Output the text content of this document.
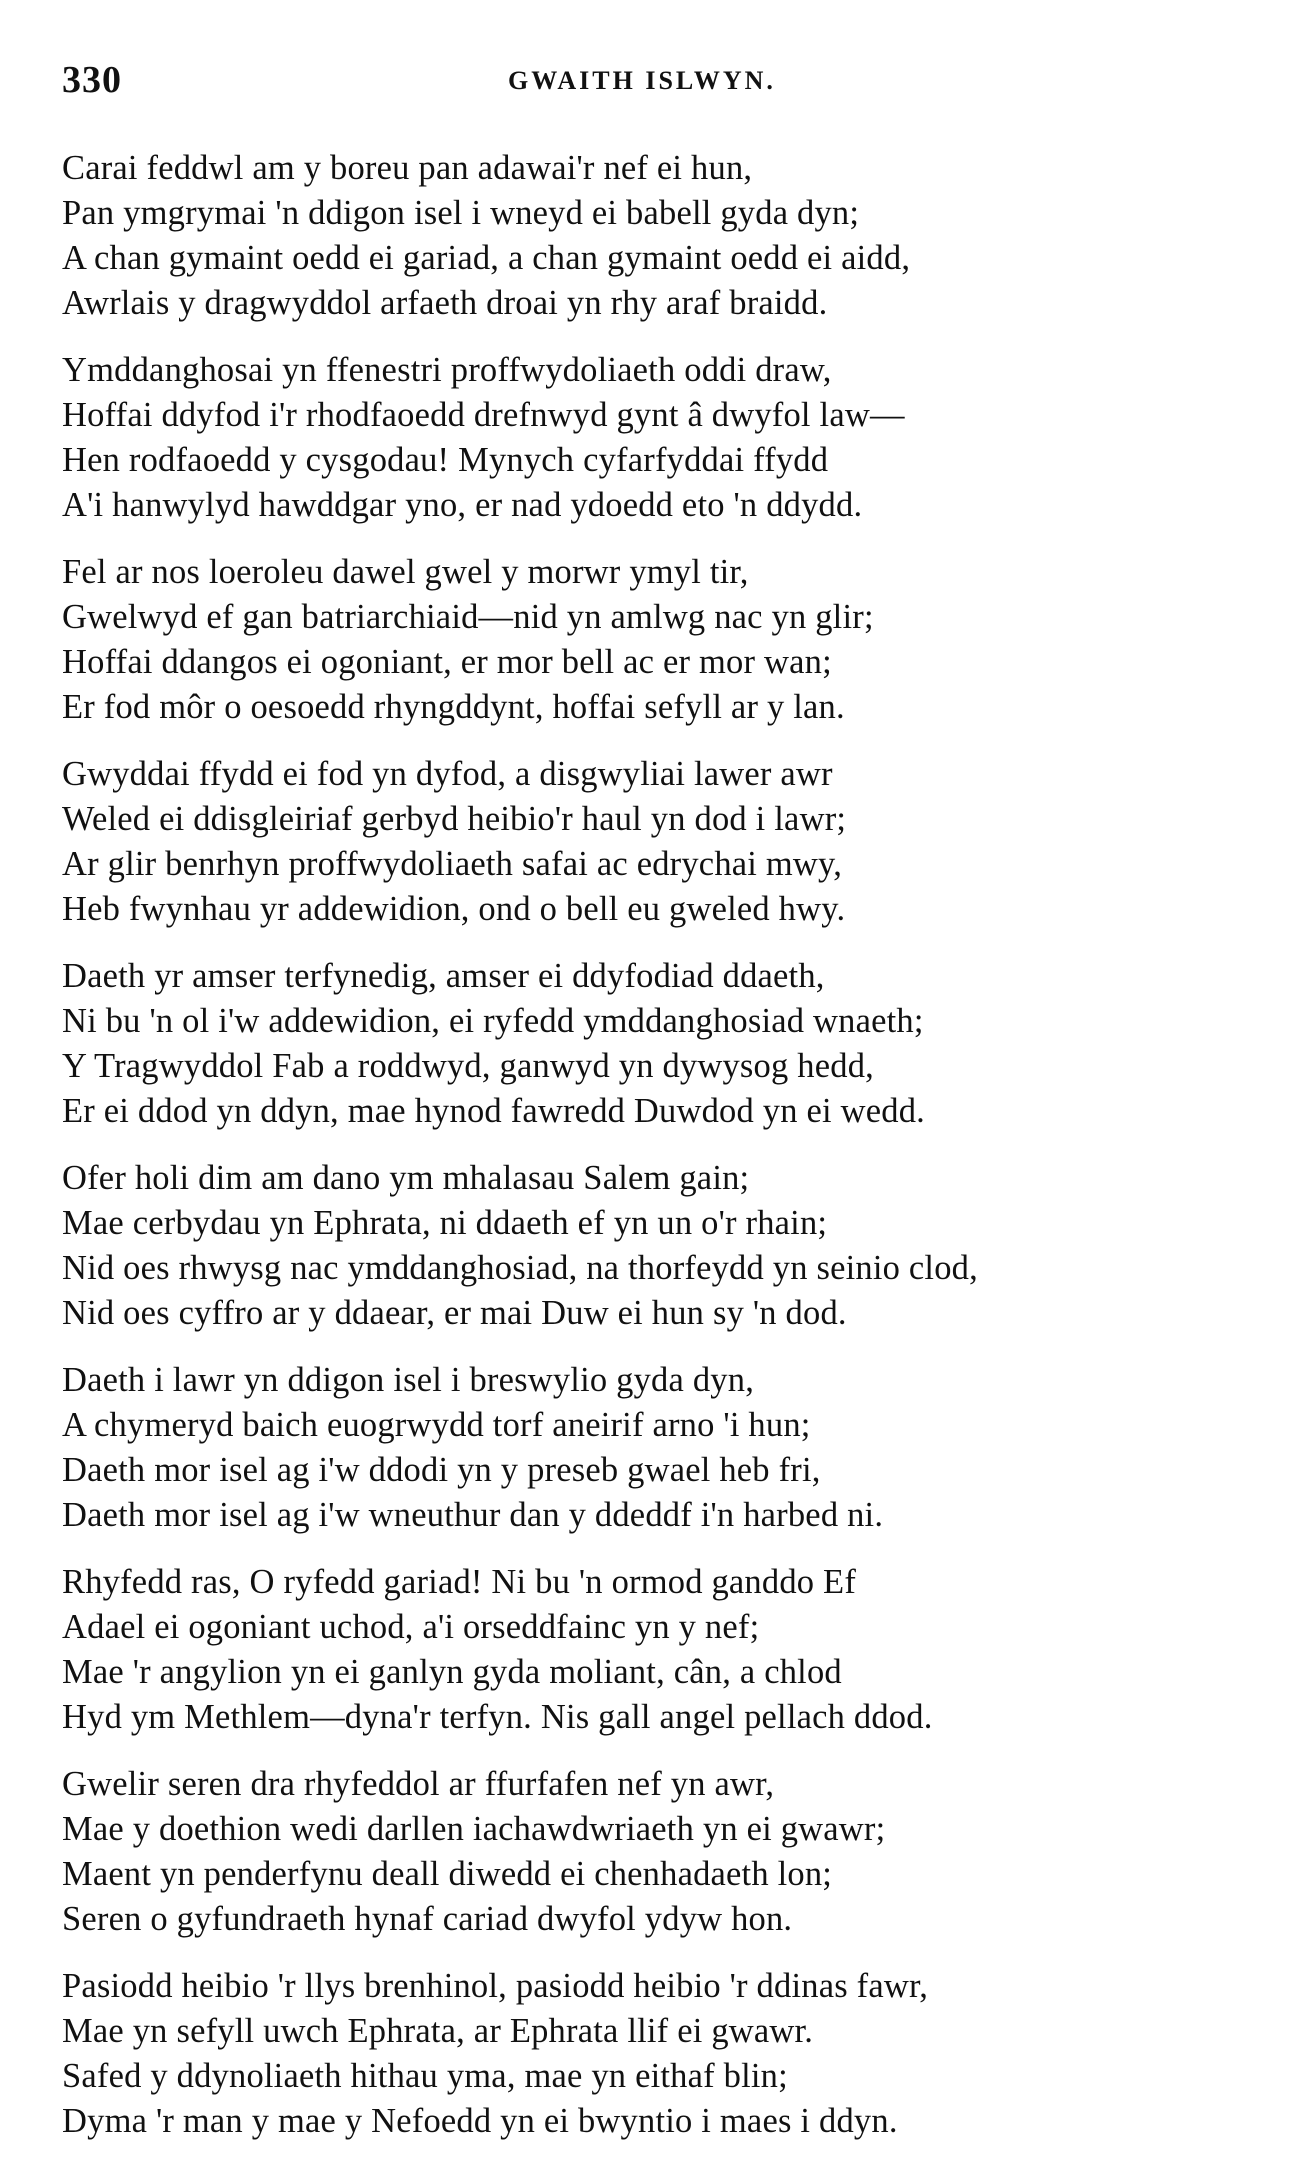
330	GWAITH ISLWYN.
Carai feddwl am y boreu pan adawai'r nef ei hun,
Pan ymgrymai 'n ddigon isel i wneyd ei babell gyda dyn;
A chan gymaint oedd ei gariad, a chan gymaint oedd ei aidd,
Awrlais y dragwyddol arfaeth droai yn rhy araf braidd.
Ymddanghosai yn ffenestri proffwydoliaeth oddi draw,
Hoffai ddyfod i'r rhodfaoedd drefnwyd gynt â dwyfol law—
Hen rodfaoedd y cysgodau! Mynych cyfarfyddai ffydd
A'i hanwylyd hawddgar yno, er nad ydoedd eto 'n ddydd.
Fel ar nos loeroleu dawel gwel y morwr ymyl tir,
Gwelwyd ef gan batriarchiaid—nid yn amlwg nac yn glir;
Hoffai ddangos ei ogoniant, er mor bell ac er mor wan;
Er fod môr o oesoedd rhyngddynt, hoffai sefyll ar y lan.
Gwyddai ffydd ei fod yn dyfod, a disgwyliai lawer awr
Weled ei ddisgleiriaf gerbyd heibio'r haul yn dod i lawr;
Ar glir benrhyn proffwydoliaeth safai ac edrychai mwy,
Heb fwynhau yr addewidion, ond o bell eu gweled hwy.
Daeth yr amser terfynedig, amser ei ddyfodiad ddaeth,
Ni bu 'n ol i'w addewidion, ei ryfedd ymddanghosiad wnaeth;
Y Tragwyddol Fab a roddwyd, ganwyd yn dywysog hedd,
Er ei ddod yn ddyn, mae hynod fawredd Duwdod yn ei wedd.
Ofer holi dim am dano ym mhalasau Salem gain;
Mae cerbydau yn Ephrata, ni ddaeth ef yn un o'r rhain;
Nid oes rhwysg nac ymddanghosiad, na thorfeydd yn seinio clod,
Nid oes cyffro ar y ddaear, er mai Duw ei hun sy 'n dod.
Daeth i lawr yn ddigon isel i breswylio gyda dyn,
A chymeryd baich euogrwydd torf aneirif arno 'i hun;
Daeth mor isel ag i'w ddodi yn y preseb gwael heb fri,
Daeth mor isel ag i'w wneuthur dan y ddeddf i'n harbed ni.
Rhyfedd ras, O ryfedd gariad! Ni bu 'n ormod ganddo Ef
Adael ei ogoniant uchod, a'i orseddfainc yn y nef;
Mae 'r angylion yn ei ganlyn gyda moliant, cân, a chlod
Hyd ym Methlem—dyna'r terfyn. Nis gall angel pellach ddod.
Gwelir seren dra rhyfeddol ar ffurfafen nef yn awr,
Mae y doethion wedi darllen iachawdwriaeth yn ei gwawr;
Maent yn penderfynu deall diwedd ei chenhadaeth lon;
Seren o gyfundraeth hynaf cariad dwyfol ydyw hon.
Pasiodd heibio 'r llys brenhinol, pasiodd heibio 'r ddinas fawr,
Mae yn sefyll uwch Ephrata, ar Ephrata llif ei gwawr.
Safed y ddynoliaeth hithau yma, mae yn eithaf blin;
Dyma 'r man y mae y Nefoedd yn ei bwyntio i maes i ddyn.
